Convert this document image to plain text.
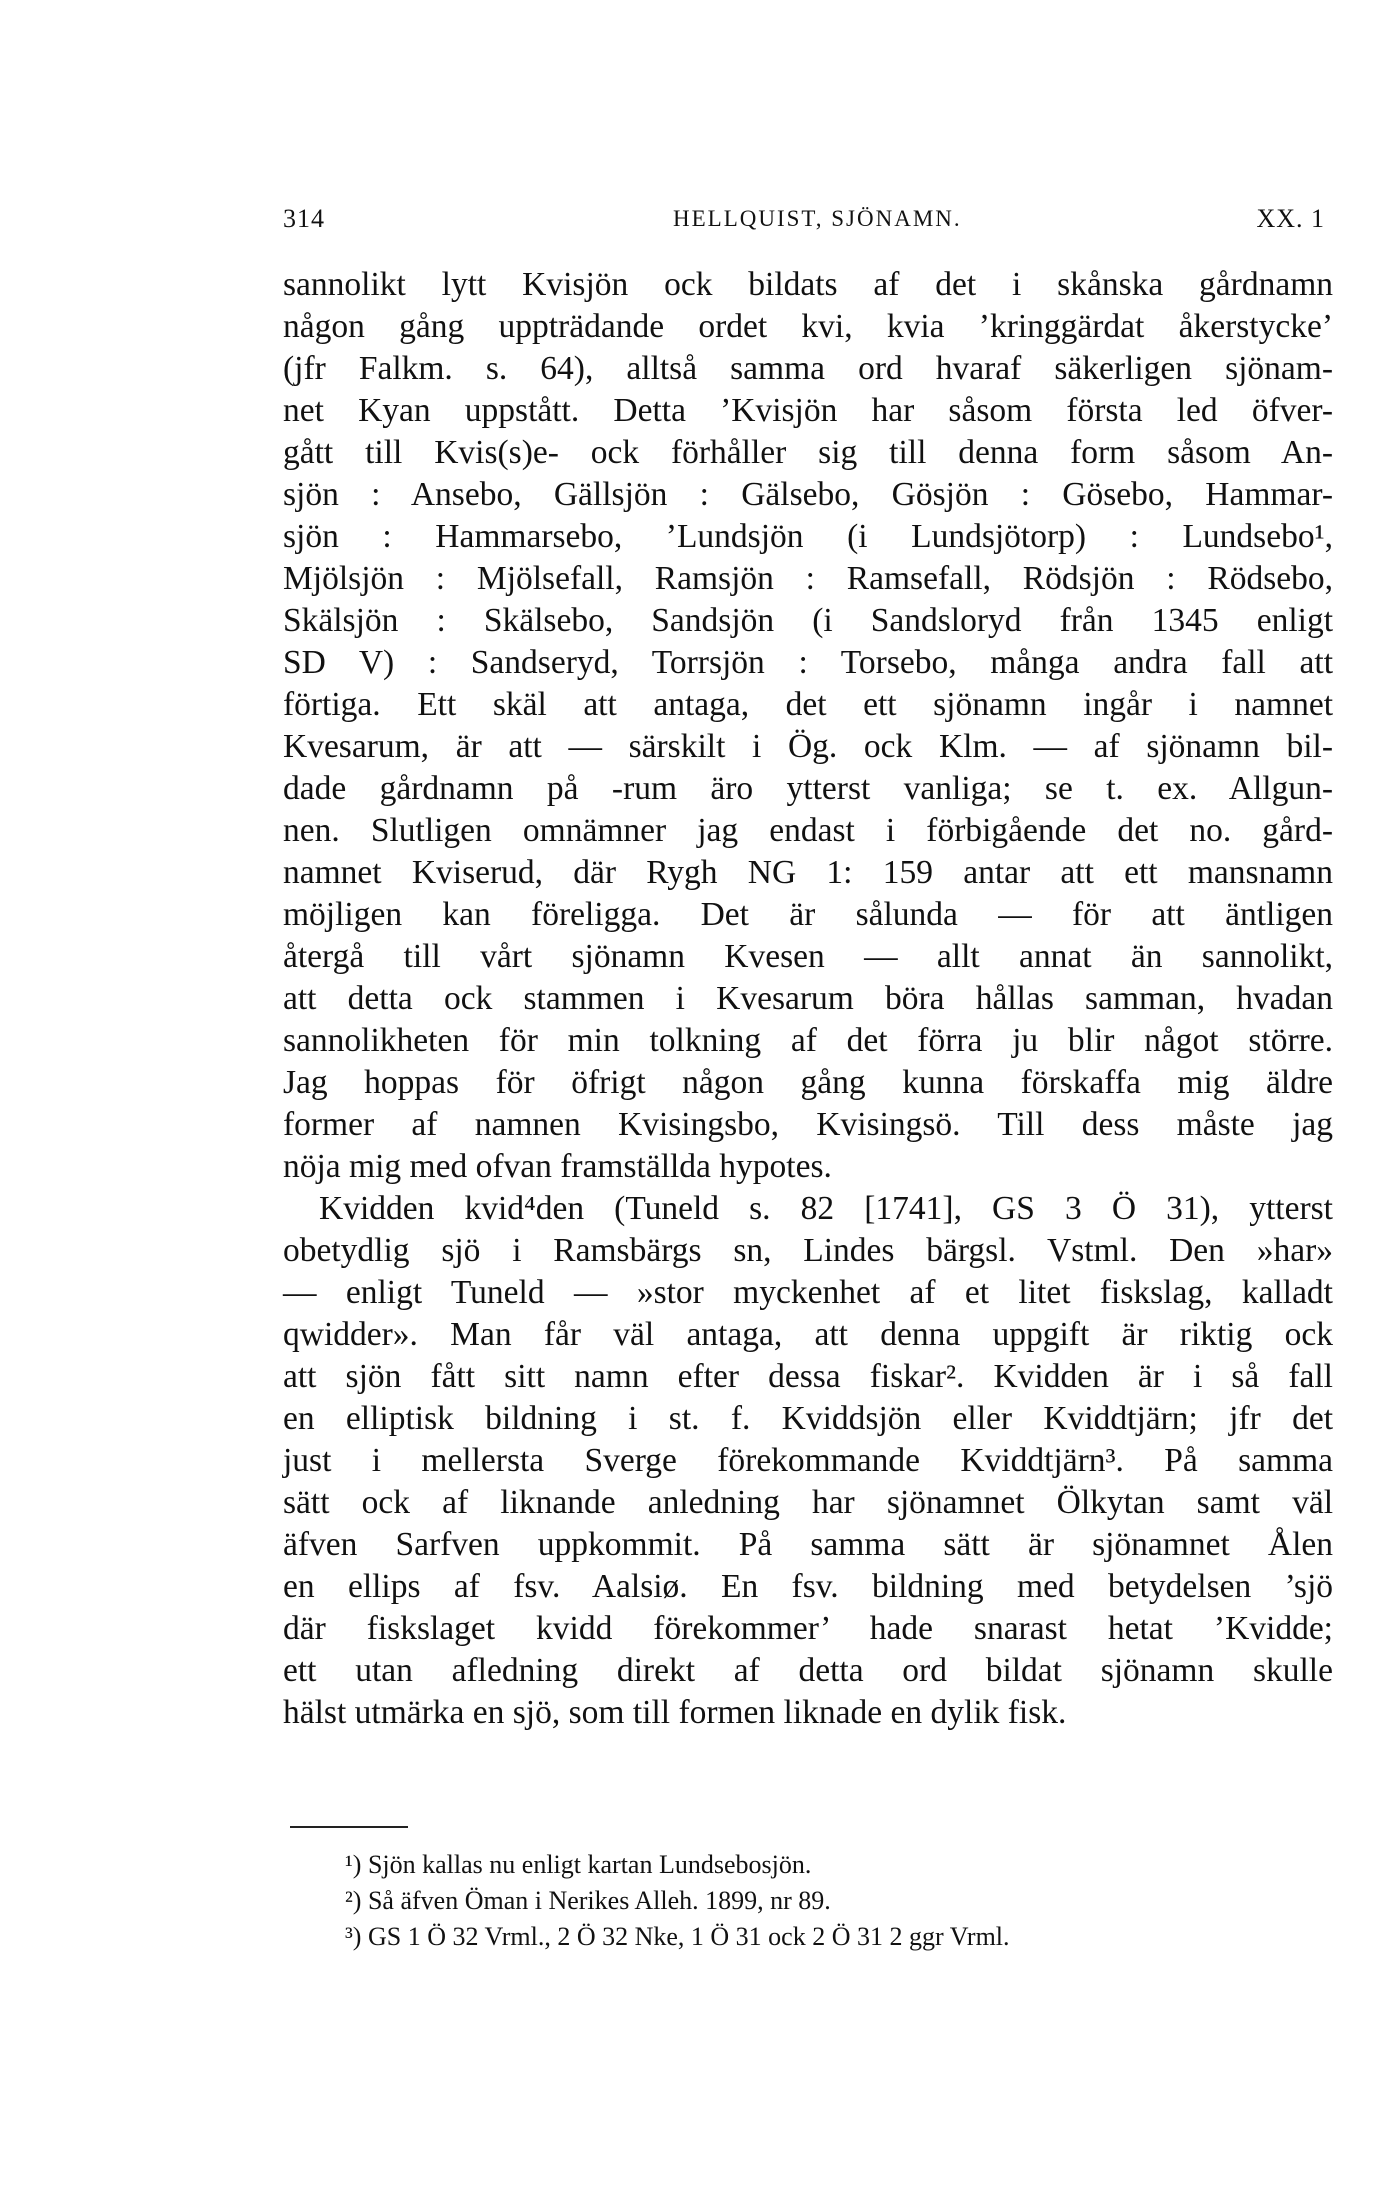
314	HELLQUIST, SJÖNAMN.	XX. 1
sannolikt lytt Kvisjön ock bildats af det i skånska gårdnamn
någon gång uppträdande ordet kvi, kvia ’kringgärdat åkerstycke’
(jfr Falkm. s. 64), alltså samma ord hvaraf säkerligen sjönam-
net Kyan uppstått. Detta ’Kvisjön har såsom första led öfver-
gått till Kvis(s)e- ock förhåller sig till denna form såsom An-
sjön : Ansebo, Gällsjön : Gälsebo, Gösjön : Gösebo, Hammar-
sjön : Hammarsebo, ’Lundsjön (i Lundsjötorp) : Lundsebo¹,
Mjölsjön : Mjölsefall, Ramsjön : Ramsefall, Rödsjön : Rödsebo,
Skälsjön : Skälsebo, Sandsjön (i Sandsloryd från 1345 enligt
SD V) : Sandseryd, Torrsjön : Torsebo, många andra fall att
förtiga. Ett skäl att antaga, det ett sjönamn ingår i namnet
Kvesarum, är att — särskilt i Ög. ock Klm. — af sjönamn bil-
dade gårdnamn på -rum äro ytterst vanliga; se t. ex. Allgun-
nen. Slutligen omnämner jag endast i förbigående det no. gård-
namnet Kviserud, där Rygh NG 1: 159 antar att ett mansnamn
möjligen kan föreligga. Det är sålunda — för att äntligen
återgå till vårt sjönamn Kvesen — allt annat än sannolikt,
att detta ock stammen i Kvesarum böra hållas samman, hvadan
sannolikheten för min tolkning af det förra ju blir något större.
Jag hoppas för öfrigt någon gång kunna förskaffa mig äldre
former af namnen Kvisingsbo, Kvisingsö. Till dess måste jag
nöja mig med ofvan framställda hypotes.
Kvidden kvid⁴den (Tuneld s. 82 [1741], GS 3 Ö 31), ytterst
obetydlig sjö i Ramsbärgs sn, Lindes bärgsl. Vstml. Den »har»
— enligt Tuneld — »stor myckenhet af et litet fiskslag, kalladt
qwidder». Man får väl antaga, att denna uppgift är riktig ock
att sjön fått sitt namn efter dessa fiskar². Kvidden är i så fall
en elliptisk bildning i st. f. Kviddsjön eller Kviddtjärn; jfr det
just i mellersta Sverge förekommande Kviddtjärn³. På samma
sätt ock af liknande anledning har sjönamnet Ölkytan samt väl
äfven Sarfven uppkommit. På samma sätt är sjönamnet Ålen
en ellips af fsv. Aalsiø. En fsv. bildning med betydelsen ’sjö
där fiskslaget kvidd förekommer’ hade snarast hetat ’Kvidde;
ett utan afledning direkt af detta ord bildat sjönamn skulle
hälst utmärka en sjö, som till formen liknade en dylik fisk.
¹) Sjön kallas nu enligt kartan Lundsebosjön.
²) Så äfven Öman i Nerikes Alleh. 1899, nr 89.
³) GS 1 Ö 32 Vrml., 2 Ö 32 Nke, 1 Ö 31 ock 2 Ö 31 2 ggr Vrml.
